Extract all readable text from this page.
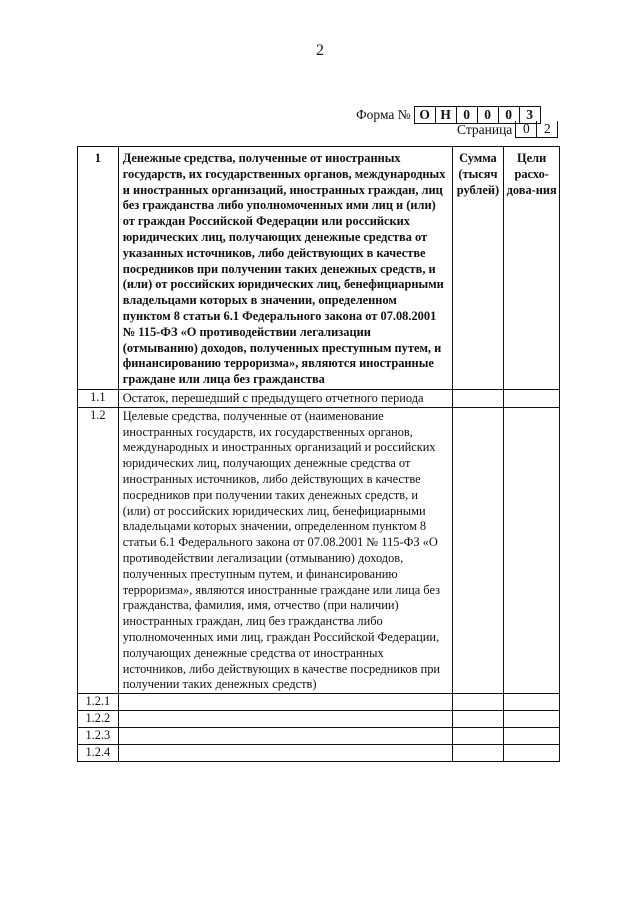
2
Форма № О Н 0	0	0	3
Страница 0	2
1	Денежные средства, полученные от иностранных государств, их государственных органов, международных и иностранных организаций, иностранных граждан, лиц без гражданства либо уполномоченных ими лиц и (или) от граждан Российской Федерации или российских юридических лиц, получающих денежные средства от указанных источников, либо действующих в качестве посредников при получении таких денежных средств, и (или) от российских юридических лиц, бенефициарными владельцами которых в значении, определенном пунктом 8 статьи 6.1 Федерального закона от 07.08.2001 № 115-ФЗ «О противодействии легализации (отмыванию) доходов, полученных преступным путем, и финансированию терроризма», являются иностранные граждане или лица без гражданства	Сумма (тысяч рублей)	Цели расхо-дова-ния
1.1	Остаток, перешедший с предыдущего отчетного периода		
1.2	Целевые средства, полученные от (наименование иностранных государств, их государственных органов, международных и иностранных организаций и российских юридических лиц, получающих денежные средства от иностранных источников, либо действующих в качестве посредников при получении таких денежных средств, и (или) от российских юридических лиц, бенефициарными владельцами которых значении, определенном пунктом 8 статьи 6.1 Федерального закона от 07.08.2001 № 115-ФЗ «О противодействии легализации (отмыванию) доходов, полученных преступным путем, и финансированию терроризма», являются иностранные граждане или лица без гражданства, фамилия, имя, отчество (при наличии) иностранных граждан, лиц без гражданства либо уполномоченных ими лиц, граждан Российской Федерации, получающих денежные средства от иностранных источников, либо действующих в качестве посредников при получении таких денежных средств)		
1.2.1			
1.2.2			
1.2.3			
1.2.4			
